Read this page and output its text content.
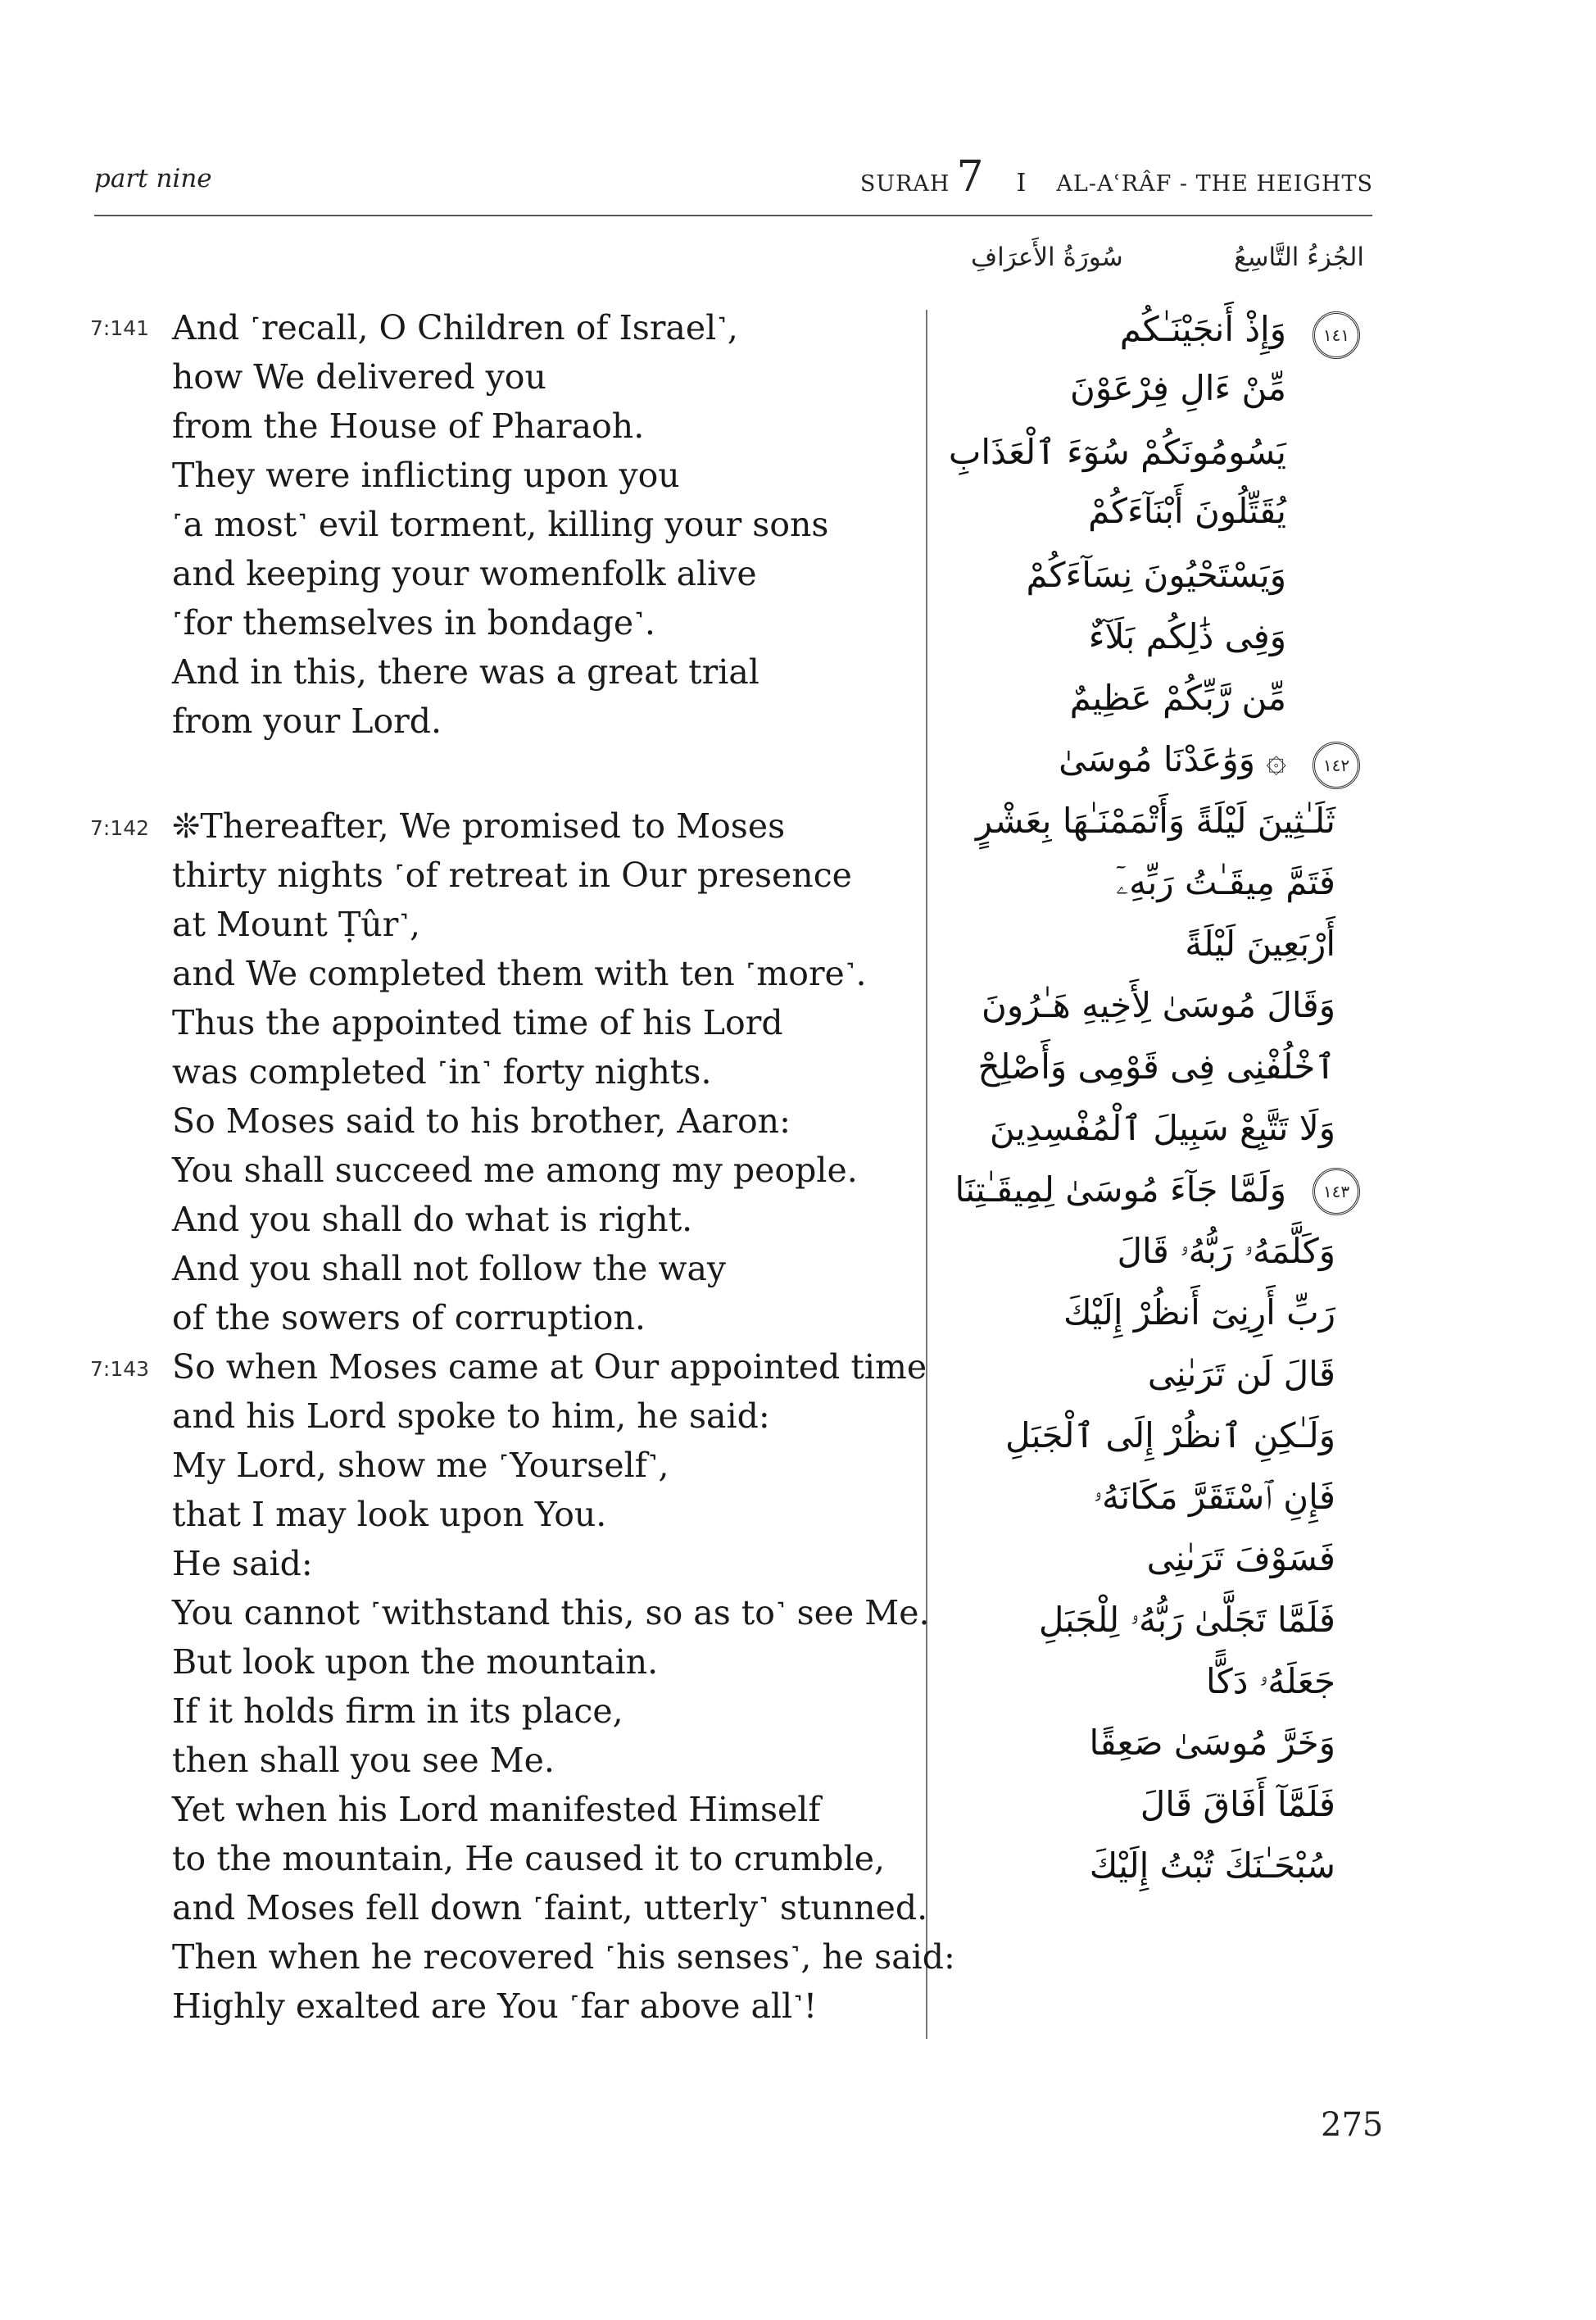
part nine	SURAH 7 I AL-AʿRÂF - THE HEIGHTS
الجُزءُ التَّاسِعُ
سُورَةُ الأَعرَافِ
7:141 And ˹recall, O Children of Israel˺,
how We delivered you
from the House of Pharaoh.
They were inflicting upon you
˹a most˺ evil torment, killing your sons
and keeping your womenfolk alive
˹for themselves in bondage˺.
And in this, there was a great trial
from your Lord.
7:142 ❊Thereafter, We promised to Moses
thirty nights ˹of retreat in Our presence
at Mount Ṭûr˺,
and We completed them with ten ˹more˺.
Thus the appointed time of his Lord
was completed ˹in˺ forty nights.
So Moses said to his brother, Aaron:
You shall succeed me among my people.
And you shall do what is right.
And you shall not follow the way
of the sowers of corruption.
7:143 So when Moses came at Our appointed time
and his Lord spoke to him, he said:
My Lord, show me ˹Yourself˺,
that I may look upon You.
He said:
You cannot ˹withstand this, so as to˺ see Me.
But look upon the mountain.
If it holds firm in its place,
then shall you see Me.
Yet when his Lord manifested Himself
to the mountain, He caused it to crumble,
and Moses fell down ˹faint, utterly˺ stunned.
Then when he recovered ˹his senses˺, he said:
Highly exalted are You ˹far above all˺!
١٤١
١٤٢
١٤٣
وَإِذْ أَنجَيْنَـٰكُم
مِّنْ ءَالِ فِرْعَوْنَ
يَسُومُونَكُمْ سُوٓءَ ٱلْعَذَابِ
يُقَتِّلُونَ أَبْنَآءَكُمْ
وَيَسْتَحْيُونَ نِسَآءَكُمْ
وَفِى ذَٰلِكُم بَلَآءٌ
مِّن رَّبِّكُمْ عَظِيمٌ
۞ وَوَٰعَدْنَا مُوسَىٰ
ثَلَـٰثِينَ لَيْلَةً وَأَتْمَمْنَـٰهَا بِعَشْرٍ
فَتَمَّ مِيقَـٰتُ رَبِّهِۦٓ
أَرْبَعِينَ لَيْلَةً
وَقَالَ مُوسَىٰ لِأَخِيهِ هَـٰرُونَ
ٱخْلُفْنِى فِى قَوْمِى وَأَصْلِحْ
وَلَا تَتَّبِعْ سَبِيلَ ٱلْمُفْسِدِينَ
وَلَمَّا جَآءَ مُوسَىٰ لِمِيقَـٰتِنَا
وَكَلَّمَهُۥ رَبُّهُۥ قَالَ
رَبِّ أَرِنِىٓ أَنظُرْ إِلَيْكَ
قَالَ لَن تَرَىٰنِى
وَلَـٰكِنِ ٱنظُرْ إِلَى ٱلْجَبَلِ
فَإِنِ ٱسْتَقَرَّ مَكَانَهُۥ
فَسَوْفَ تَرَىٰنِى
فَلَمَّا تَجَلَّىٰ رَبُّهُۥ لِلْجَبَلِ
جَعَلَهُۥ دَكًّا
وَخَرَّ مُوسَىٰ صَعِقًا
فَلَمَّآ أَفَاقَ قَالَ
سُبْحَـٰنَكَ تُبْتُ إِلَيْكَ
275
